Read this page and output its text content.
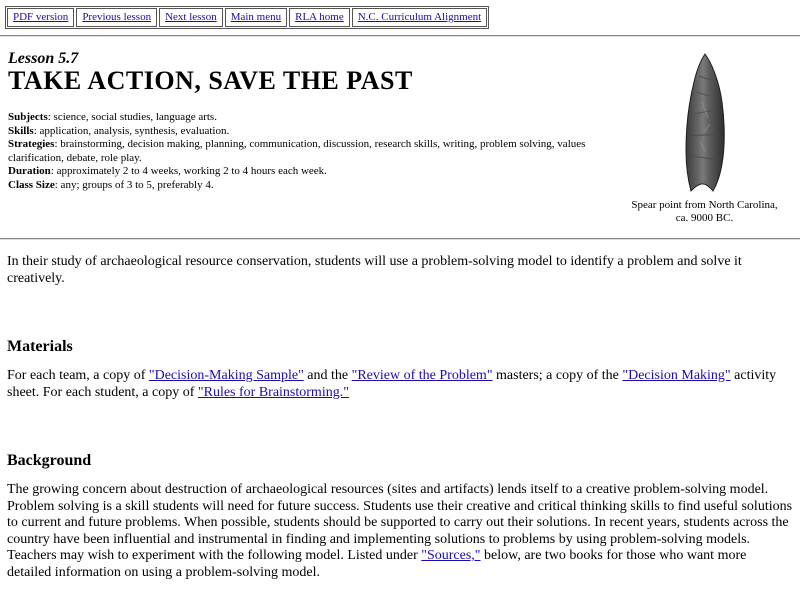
PDF version	Previous lesson	Next lesson	Main menu	RLA home	N.C. Curriculum Alignment
Lesson 5.7
TAKE ACTION, SAVE THE PAST
Subjects: science, social studies, language arts.
Skills: application, analysis, synthesis, evaluation.
Strategies: brainstorming, decision making, planning, communication, discussion, research skills, writing, problem solving, values clarification, debate, role play.
Duration: approximately 2 to 4 weeks, working 2 to 4 hours each week.
Class Size: any; groups of 3 to 5, preferably 4.
Spear point from North Carolina,
ca. 9000 BC.
In their study of archaeological resource conservation, students will use a problem-solving model to identify a problem and solve it creatively.
Materials
For each team, a copy of "Decision-Making Sample" and the "Review of the Problem" masters; a copy of the "Decision Making" activity sheet. For each student, a copy of "Rules for Brainstorming."
Background
The growing concern about destruction of archaeological resources (sites and artifacts) lends itself to a creative problem-solving model. Problem solving is a skill students will need for future success. Students use their creative and critical thinking skills to find useful solutions to current and future problems. When possible, students should be supported to carry out their solutions. In recent years, students across the country have been influential and instrumental in finding and implementing solutions to problems by using problem-solving models. Teachers may wish to experiment with the following model. Listed under "Sources," below, are two books for those who want more detailed information on using a problem-solving model.
